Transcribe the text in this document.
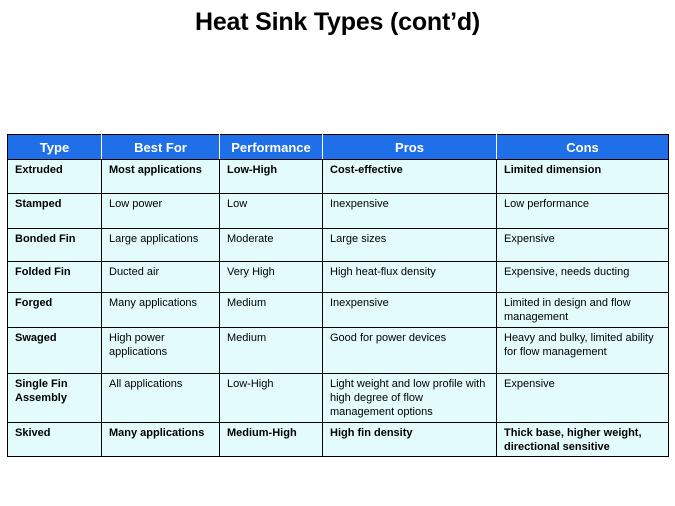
Heat Sink Types (cont’d)
Type	Best For	Performance	Pros	Cons
Extruded	Most applications	Low-High	Cost-effective	Limited dimension
Stamped	Low power	Low	Inexpensive	Low performance
Bonded Fin	Large applications	Moderate	Large sizes	Expensive
Folded Fin	Ducted air	Very High	High heat-flux density	Expensive, needs ducting
Forged	Many applications	Medium	Inexpensive	Limited in design and flow management
Swaged	High power applications	Medium	Good for power devices	Heavy and bulky, limited ability for flow management
Single Fin Assembly	All applications	Low-High	Light weight and low profile with high degree of flow management options	Expensive
Skived	Many applications	Medium-High	High fin density	Thick base, higher weight, directional sensitive
